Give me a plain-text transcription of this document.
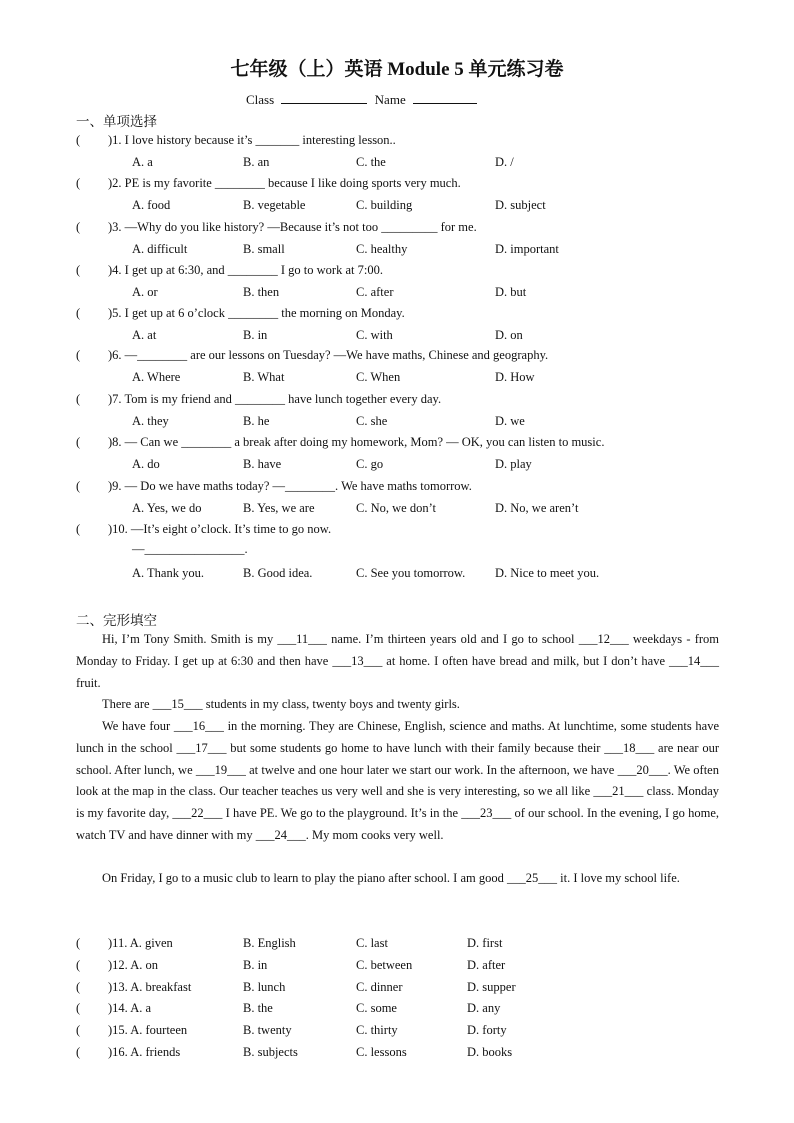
七年级（上）英语 Module 5 单元练习卷
Class	Name
一、单项选择
( )1. I love history because it’s _______ interesting lesson..
A. a	B. an	C. the	D. /
( )2. PE is my favorite ________ because I like doing sports very much.
A. food	B. vegetable	C. building	D. subject
( )3. —Why do you like history? —Because it’s not too _________ for me.
A. difficult	B. small	C. healthy	D. important
( )4. I get up at 6:30, and ________ I go to work at 7:00.
A. or	B. then	C. after	D. but
( )5. I get up at 6 o’clock ________ the morning on Monday.
A. at	B. in	C. with	D. on
( )6. —________ are our lessons on Tuesday? —We have maths, Chinese and geography.
A. Where	B. What	C. When	D. How
( )7. Tom is my friend and ________ have lunch together every day.
A. they	B. he	C. she	D. we
( )8. — Can we ________ a break after doing my homework, Mom? — OK, you can listen to music.
A. do	B. have	C. go	D. play
( )9. — Do we have maths today? —________. We have maths tomorrow.
A. Yes, we do	B. Yes, we are	C. No, we don’t	D. No, we aren’t
( )10. —It’s eight o’clock. It’s time to go now.
—________________.
A. Thank you.	B. Good idea.	C. See you tomorrow. D. Nice to meet you.
二、完形填空
Hi, I’m Tony Smith. Smith is my ___11___ name. I’m thirteen years old and I go to school ___12___ weekdays - from Monday to Friday. I get up at 6:30 and then have ___13___ at home. I often have bread and milk, but I don’t have ___14___ fruit.
There are ___15___ students in my class, twenty boys and twenty girls.
We have four ___16___ in the morning. They are Chinese, English, science and maths. At lunchtime, some students have lunch in the school ___17___ but some students go home to have lunch with their family because their ___18___ are near our school. After lunch, we ___19___ at twelve and one hour later we start our work. In the afternoon, we have ___20___. We often look at the map in the class. Our teacher teaches us very well and she is very interesting, so we all like ___21___ class. Monday is my favorite day, ___22___ I have PE. We go to the playground. It’s in the ___23___ of our school. In the evening, I go home, watch TV and have dinner with my ___24___. My mom cooks very well.
On Friday, I go to a music club to learn to play the piano after school. I am good ___25___ it. I love my school life.
( )11. A. given	B. English	C. last	D. first
( )12. A. on	B. in	C. between	D. after
( )13. A. breakfast	B. lunch	C. dinner	D. supper
( )14. A. a	B. the	C. some	D. any
( )15. A. fourteen	B. twenty	C. thirty	D. forty
( )16. A. friends	B. subjects	C. lessons	D. books
